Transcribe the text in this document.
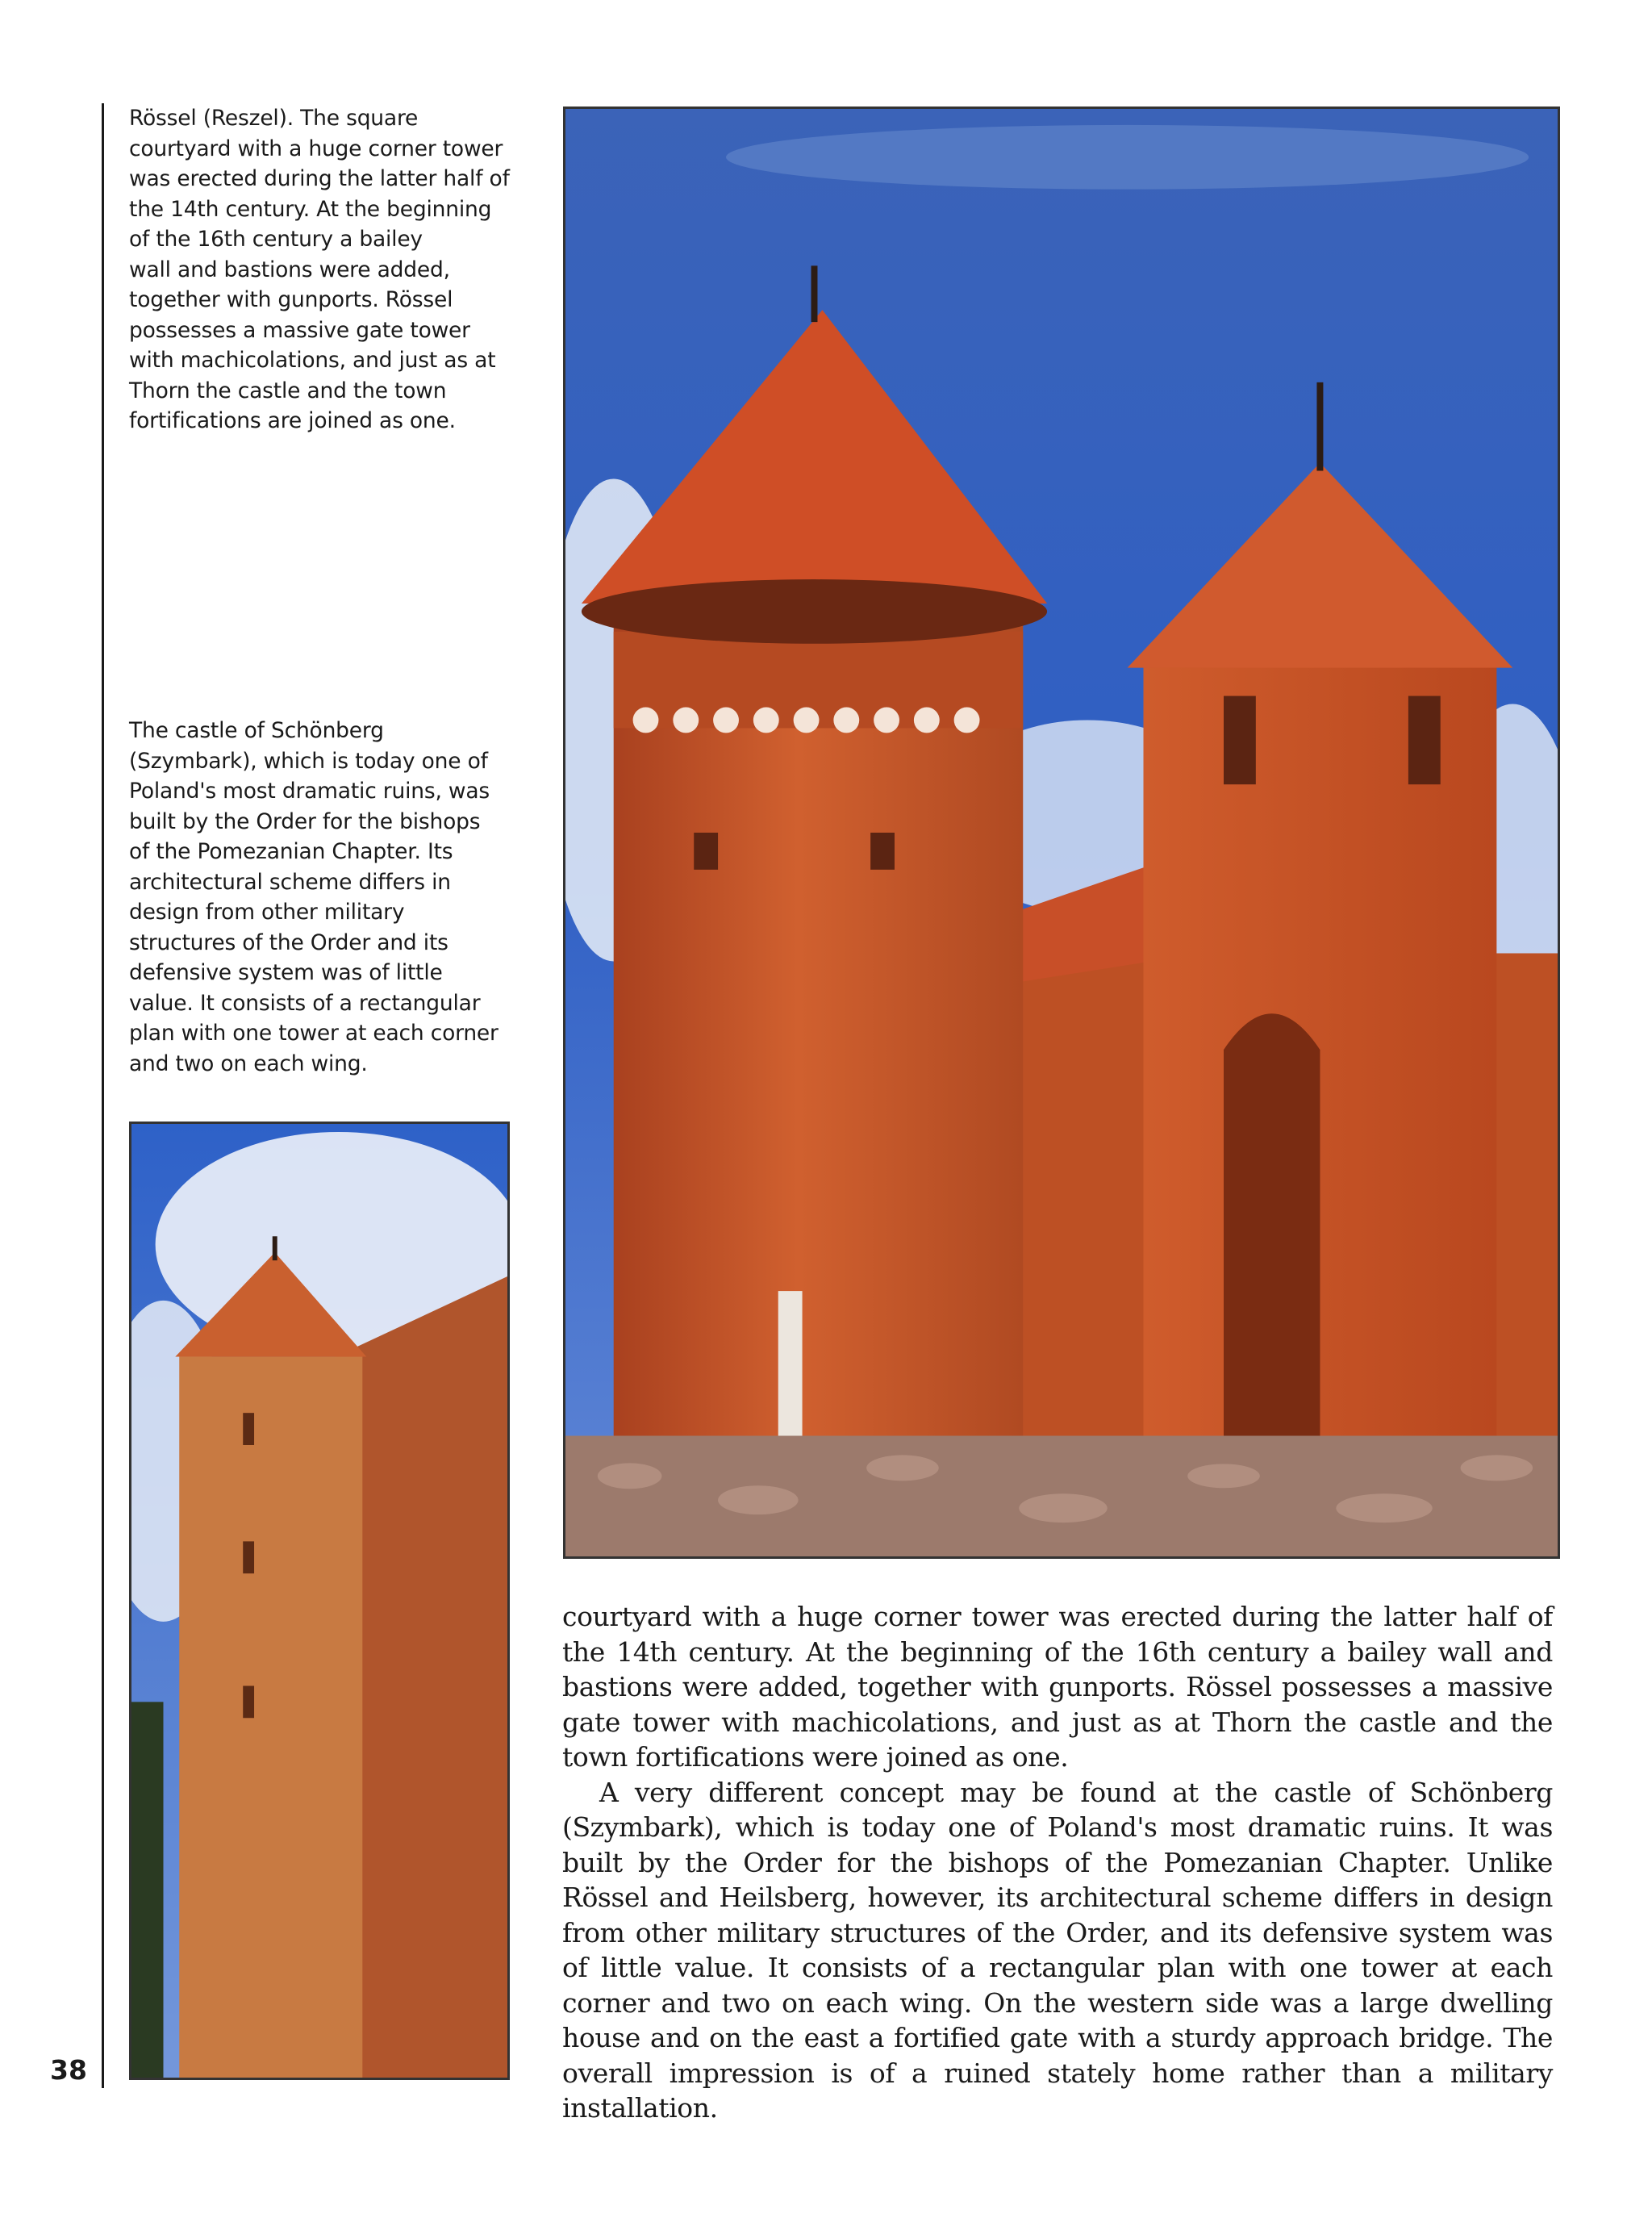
38

Rössel (Reszel). The square
courtyard with a huge corner tower
was erected during the latter half of
the 14th century. At the beginning
of the 16th century a bailey
wall and bastions were added,
together with gunports. Rössel
possesses a massive gate tower
with machicolations, and just as at
Thorn the castle and the town
fortifications are joined as one.

The castle of Schönberg
(Szymbark), which is today one of
Poland's most dramatic ruins, was
built by the Order for the bishops
of the Pomezanian Chapter. Its
architectural scheme differs in
design from other military
structures of the Order and its
defensive system was of little
value. It consists of a rectangular
plan with one tower at each corner
and two on each wing.

courtyard with a huge corner tower was erected during the latter half of the 14th century. At the beginning of the 16th century a bailey wall and bastions were added, together with gunports. Rössel possesses a massive gate tower with machicolations, and just as at Thorn the castle and the town fortifications were joined as one.

A very different concept may be found at the castle of Schönberg (Szymbark), which is today one of Poland's most dramatic ruins. It was built by the Order for the bishops of the Pomezanian Chapter. Unlike Rössel and Heilsberg, however, its architectural scheme differs in design from other military structures of the Order, and its defensive system was of little value. It consists of a rectangular plan with one tower at each corner and two on each wing. On the western side was a large dwelling house and on the east a fortified gate with a sturdy approach bridge. The overall impression is of a ruined stately home rather than a military installation.
